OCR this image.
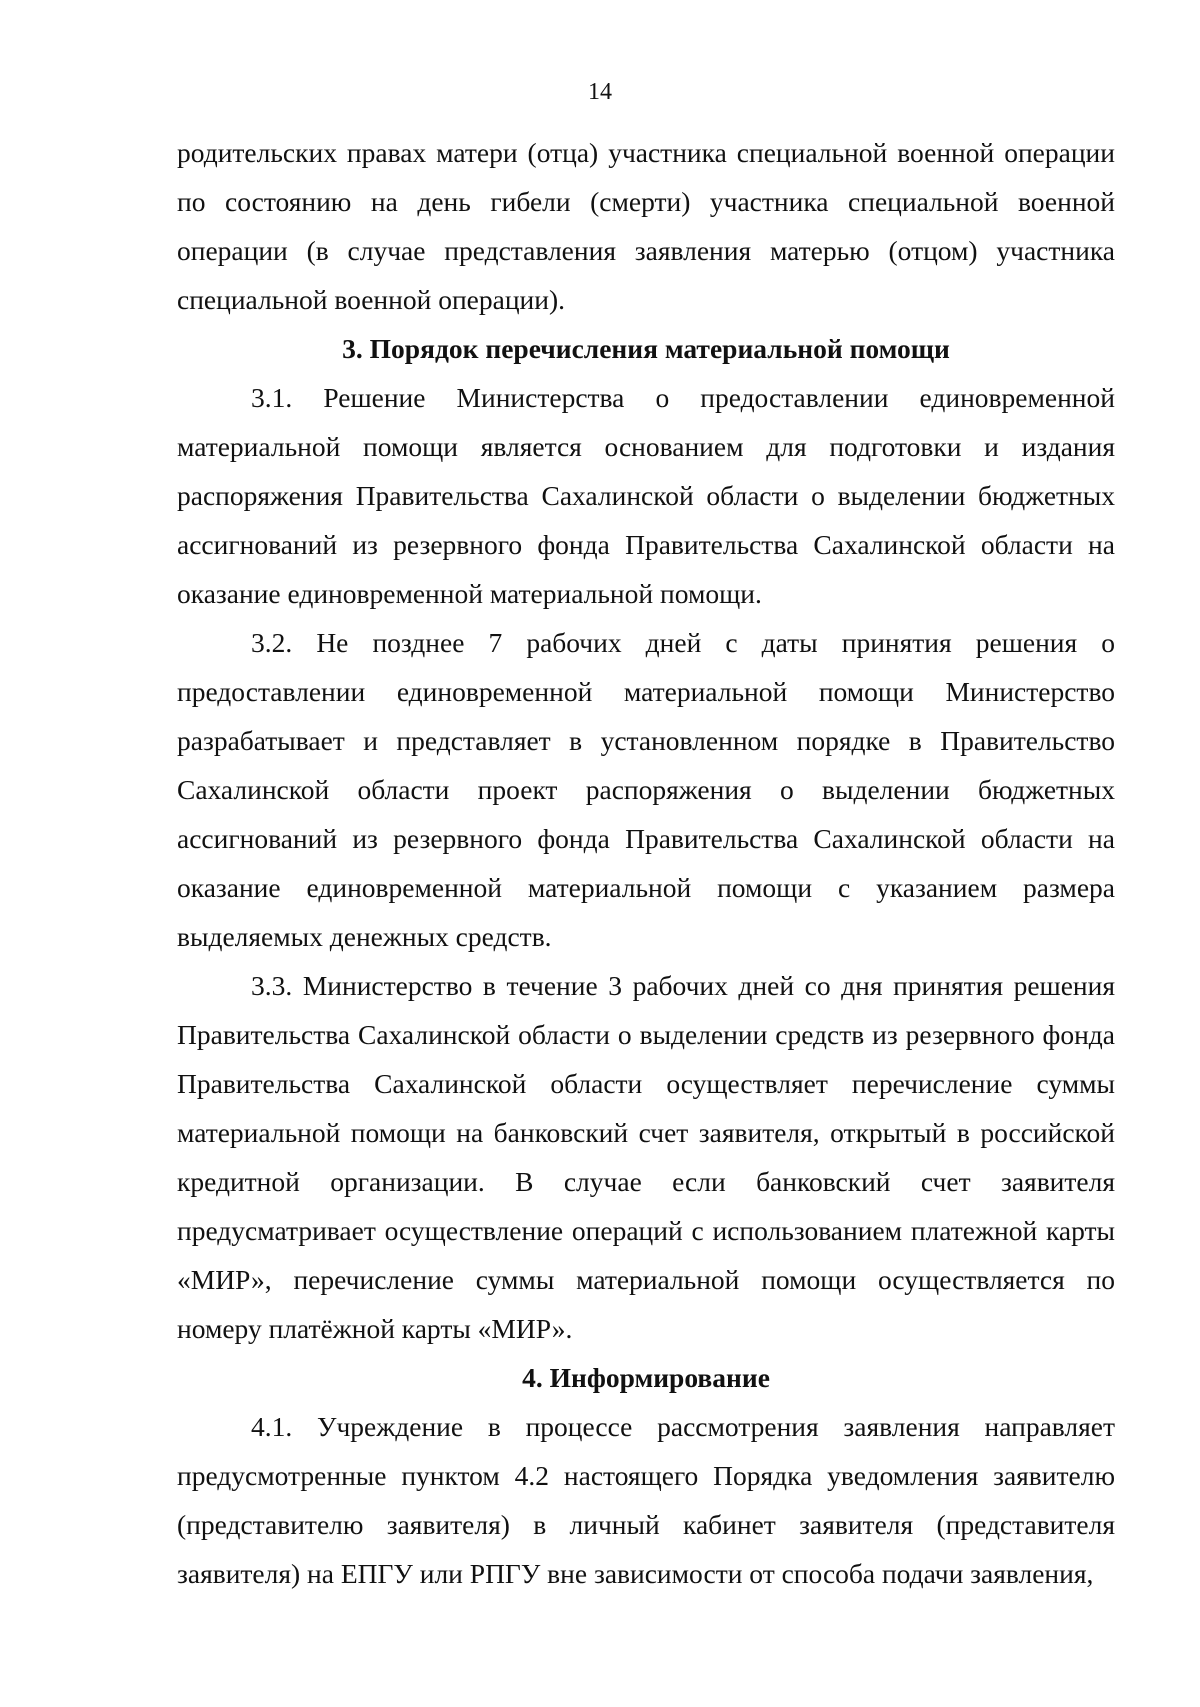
14

родительских правах матери (отца) участника специальной военной операции по состоянию на день гибели (смерти) участника специальной военной операции (в случае представления заявления матерью (отцом) участника специальной военной операции).

3. Порядок перечисления материальной помощи

3.1. Решение Министерства о предоставлении единовременной материальной помощи является основанием для подготовки и издания распоряжения Правительства Сахалинской области о выделении бюджетных ассигнований из резервного фонда Правительства Сахалинской области на оказание единовременной материальной помощи.

3.2. Не позднее 7 рабочих дней с даты принятия решения о предоставлении единовременной материальной помощи Министерство разрабатывает и представляет в установленном порядке в Правительство Сахалинской области проект распоряжения о выделении бюджетных ассигнований из резервного фонда Правительства Сахалинской области на оказание единовременной материальной помощи с указанием размера выделяемых денежных средств.

3.3. Министерство в течение 3 рабочих дней со дня принятия решения Правительства Сахалинской области о выделении средств из резервного фонда Правительства Сахалинской области осуществляет перечисление суммы материальной помощи на банковский счет заявителя, открытый в российской кредитной организации. В случае если банковский счет заявителя предусматривает осуществление операций с использованием платежной карты «МИР», перечисление суммы материальной помощи осуществляется по номеру платёжной карты «МИР».

4. Информирование

4.1. Учреждение в процессе рассмотрения заявления направляет предусмотренные пунктом 4.2 настоящего Порядка уведомления заявителю (представителю заявителя) в личный кабинет заявителя (представителя заявителя) на ЕПГУ или РПГУ вне зависимости от способа подачи заявления,
